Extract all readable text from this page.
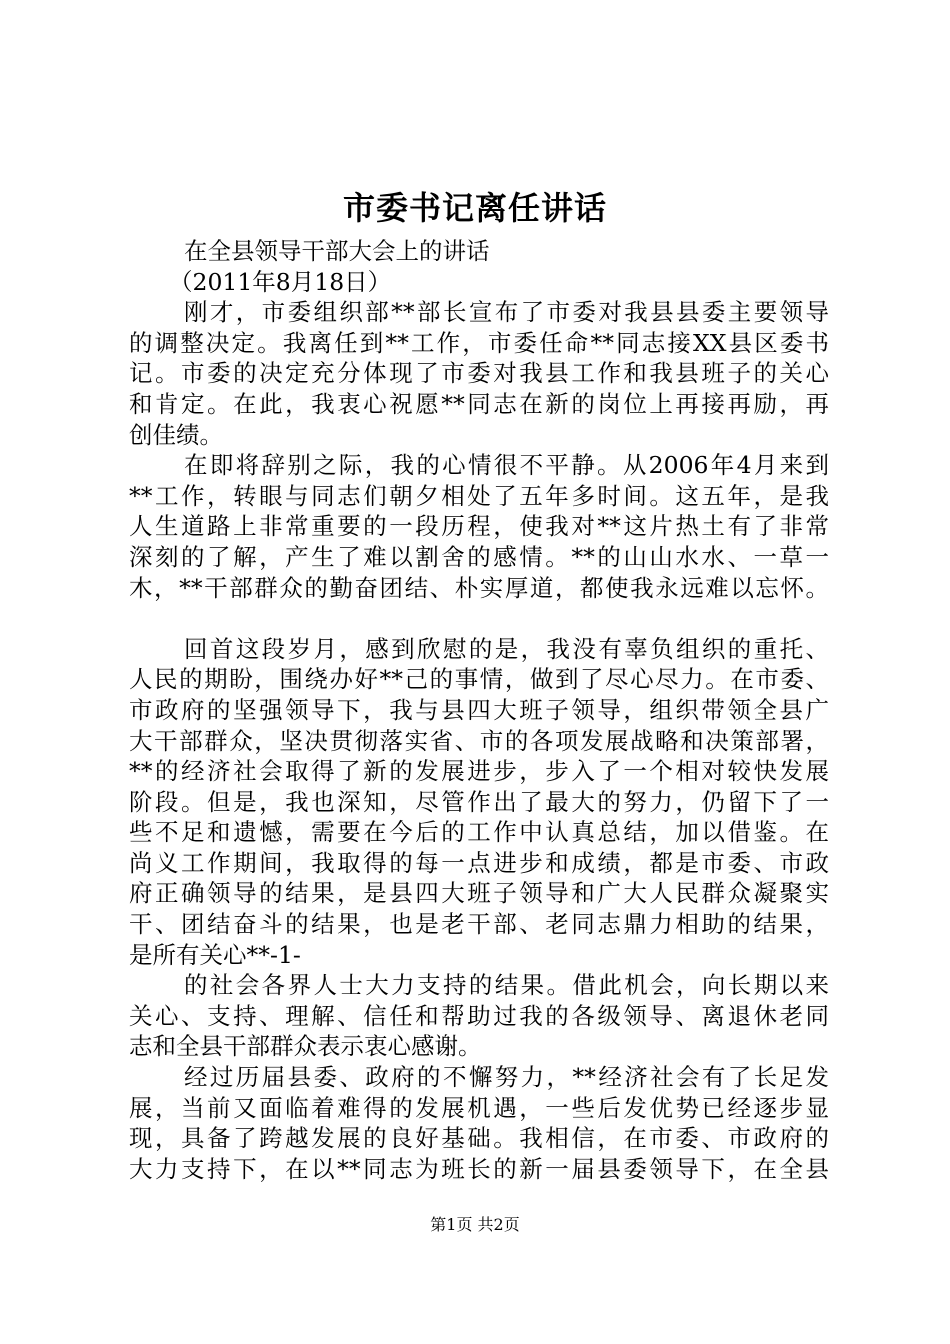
市委书记离任讲话
在全县领导干部大会上的讲话
（2011年8月18日）
刚才，市委组织部**部长宣布了市委对我县县委主要领导
的调整决定。我离任到**工作，市委任命**同志接XX县区委书
记。市委的决定充分体现了市委对我县工作和我县班子的关心
和肯定。在此，我衷心祝愿**同志在新的岗位上再接再励，再
创佳绩。
在即将辞别之际，我的心情很不平静。从2006年4月来到
**工作，转眼与同志们朝夕相处了五年多时间。这五年，是我
人生道路上非常重要的一段历程，使我对**这片热土有了非常
深刻的了解，产生了难以割舍的感情。**的山山水水、一草一
木，**干部群众的勤奋团结、朴实厚道，都使我永远难以忘怀。
回首这段岁月，感到欣慰的是，我没有辜负组织的重托、
人民的期盼，围绕办好**己的事情，做到了尽心尽力。在市委、
市政府的坚强领导下，我与县四大班子领导，组织带领全县广
大干部群众，坚决贯彻落实省、市的各项发展战略和决策部署，
**的经济社会取得了新的发展进步，步入了一个相对较快发展
阶段。但是，我也深知，尽管作出了最大的努力，仍留下了一
些不足和遗憾，需要在今后的工作中认真总结，加以借鉴。在
尚义工作期间，我取得的每一点进步和成绩，都是市委、市政
府正确领导的结果，是县四大班子领导和广大人民群众凝聚实
干、团结奋斗的结果，也是老干部、老同志鼎力相助的结果，
是所有关心**-1-
的社会各界人士大力支持的结果。借此机会，向长期以来
关心、支持、理解、信任和帮助过我的各级领导、离退休老同
志和全县干部群众表示衷心感谢。
经过历届县委、政府的不懈努力，**经济社会有了长足发
展，当前又面临着难得的发展机遇，一些后发优势已经逐步显
现，具备了跨越发展的良好基础。我相信，在市委、市政府的
大力支持下，在以**同志为班长的新一届县委领导下，在全县
第1页 共2页
